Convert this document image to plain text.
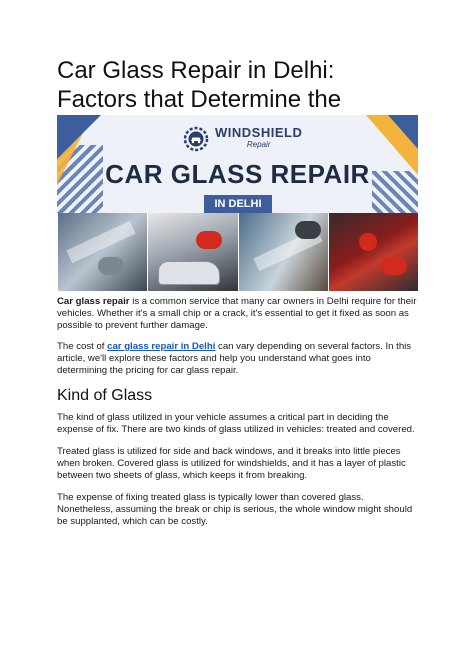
Car Glass Repair in Delhi: Factors that Determine the
WINDSHIELD
Repair
CAR GLASS REPAIR
IN DELHI

Car glass repair is a common service that many car owners in Delhi require for their vehicles. Whether it's a small chip or a crack, it's essential to get it fixed as soon as possible to prevent further damage.

The cost of car glass repair in Delhi can vary depending on several factors. In this article, we'll explore these factors and help you understand what goes into determining the pricing for car glass repair.

Kind of Glass

The kind of glass utilized in your vehicle assumes a critical part in deciding the expense of fix. There are two kinds of glass utilized in vehicles: treated and covered.

Treated glass is utilized for side and back windows, and it breaks into little pieces when broken. Covered glass is utilized for windshields, and it has a layer of plastic between two sheets of glass, which keeps it from breaking.

The expense of fixing treated glass is typically lower than covered glass. Nonetheless, assuming the break or chip is serious, the whole window might should be supplanted, which can be costly.
